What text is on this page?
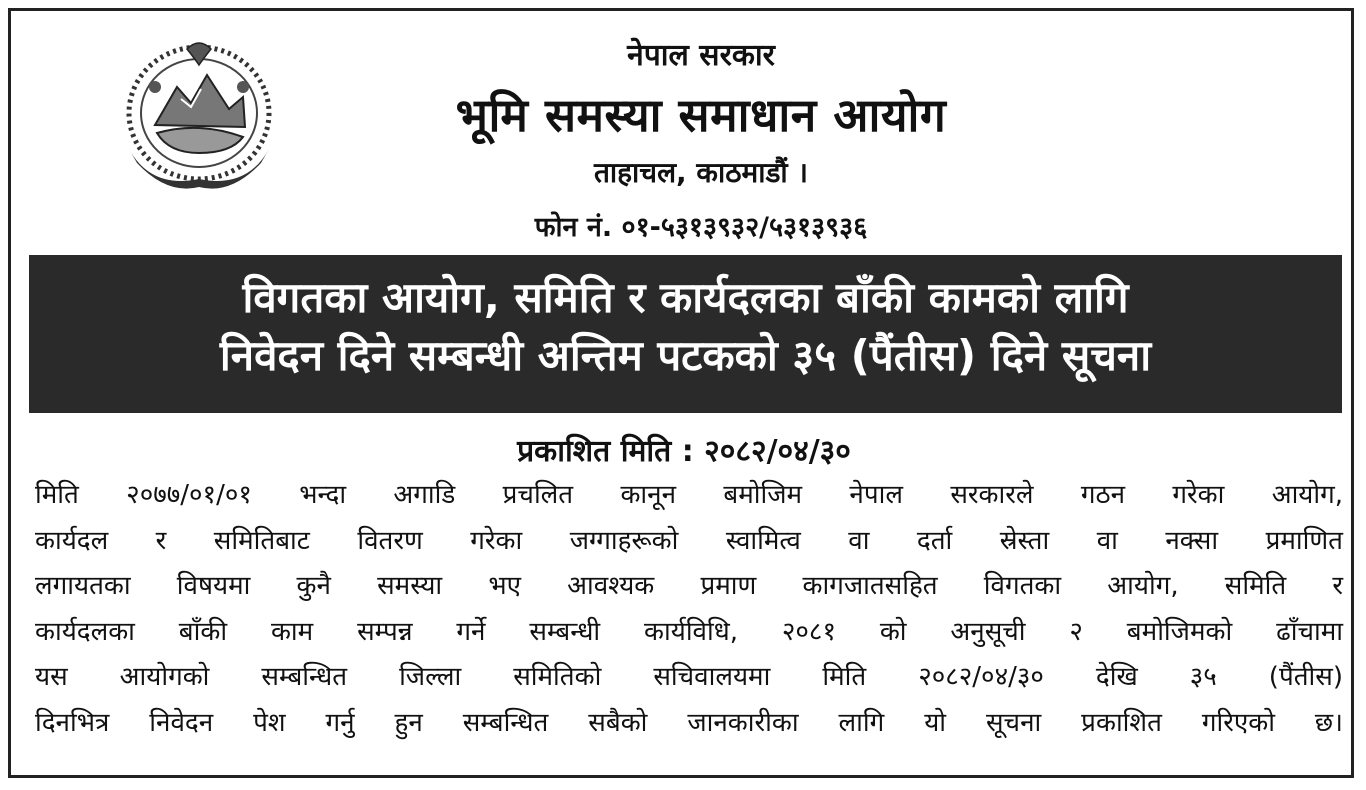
नेपाल सरकार
भूमि समस्या समाधान आयोग
ताहाचल, काठमाडौं ।
फोन नं. ०१-५३१३९३२/५३१३९३६
विगतका आयोग, समिति र कार्यदलका बाँकी कामको लागि
निवेदन दिने सम्बन्धी अन्तिम पटकको ३५ (पैंतीस) दिने सूचना
प्रकाशित मिति : २०८२/०४/३०
मिति २०७७/०१/०१ भन्दा अगाडि प्रचलित कानून बमोजिम नेपाल सरकारले गठन गरेका आयोग,
कार्यदल र समितिबाट वितरण गरेका जग्गाहरूको स्वामित्व वा दर्ता स्रेस्ता वा नक्सा प्रमाणित
लगायतका विषयमा कुनै समस्या भए आवश्यक प्रमाण कागजातसहित विगतका आयोग, समिति र
कार्यदलका बाँकी काम सम्पन्न गर्ने सम्बन्धी कार्यविधि, २०८१ को अनुसूची २ बमोजिमको ढाँचामा
यस आयोगको सम्बन्धित जिल्ला समितिको सचिवालयमा मिति २०८२/०४/३० देखि ३५ (पैंतीस)
दिनभित्र निवेदन पेश गर्नु हुन सम्बन्धित सबैको जानकारीका लागि यो सूचना प्रकाशित गरिएको छ।
